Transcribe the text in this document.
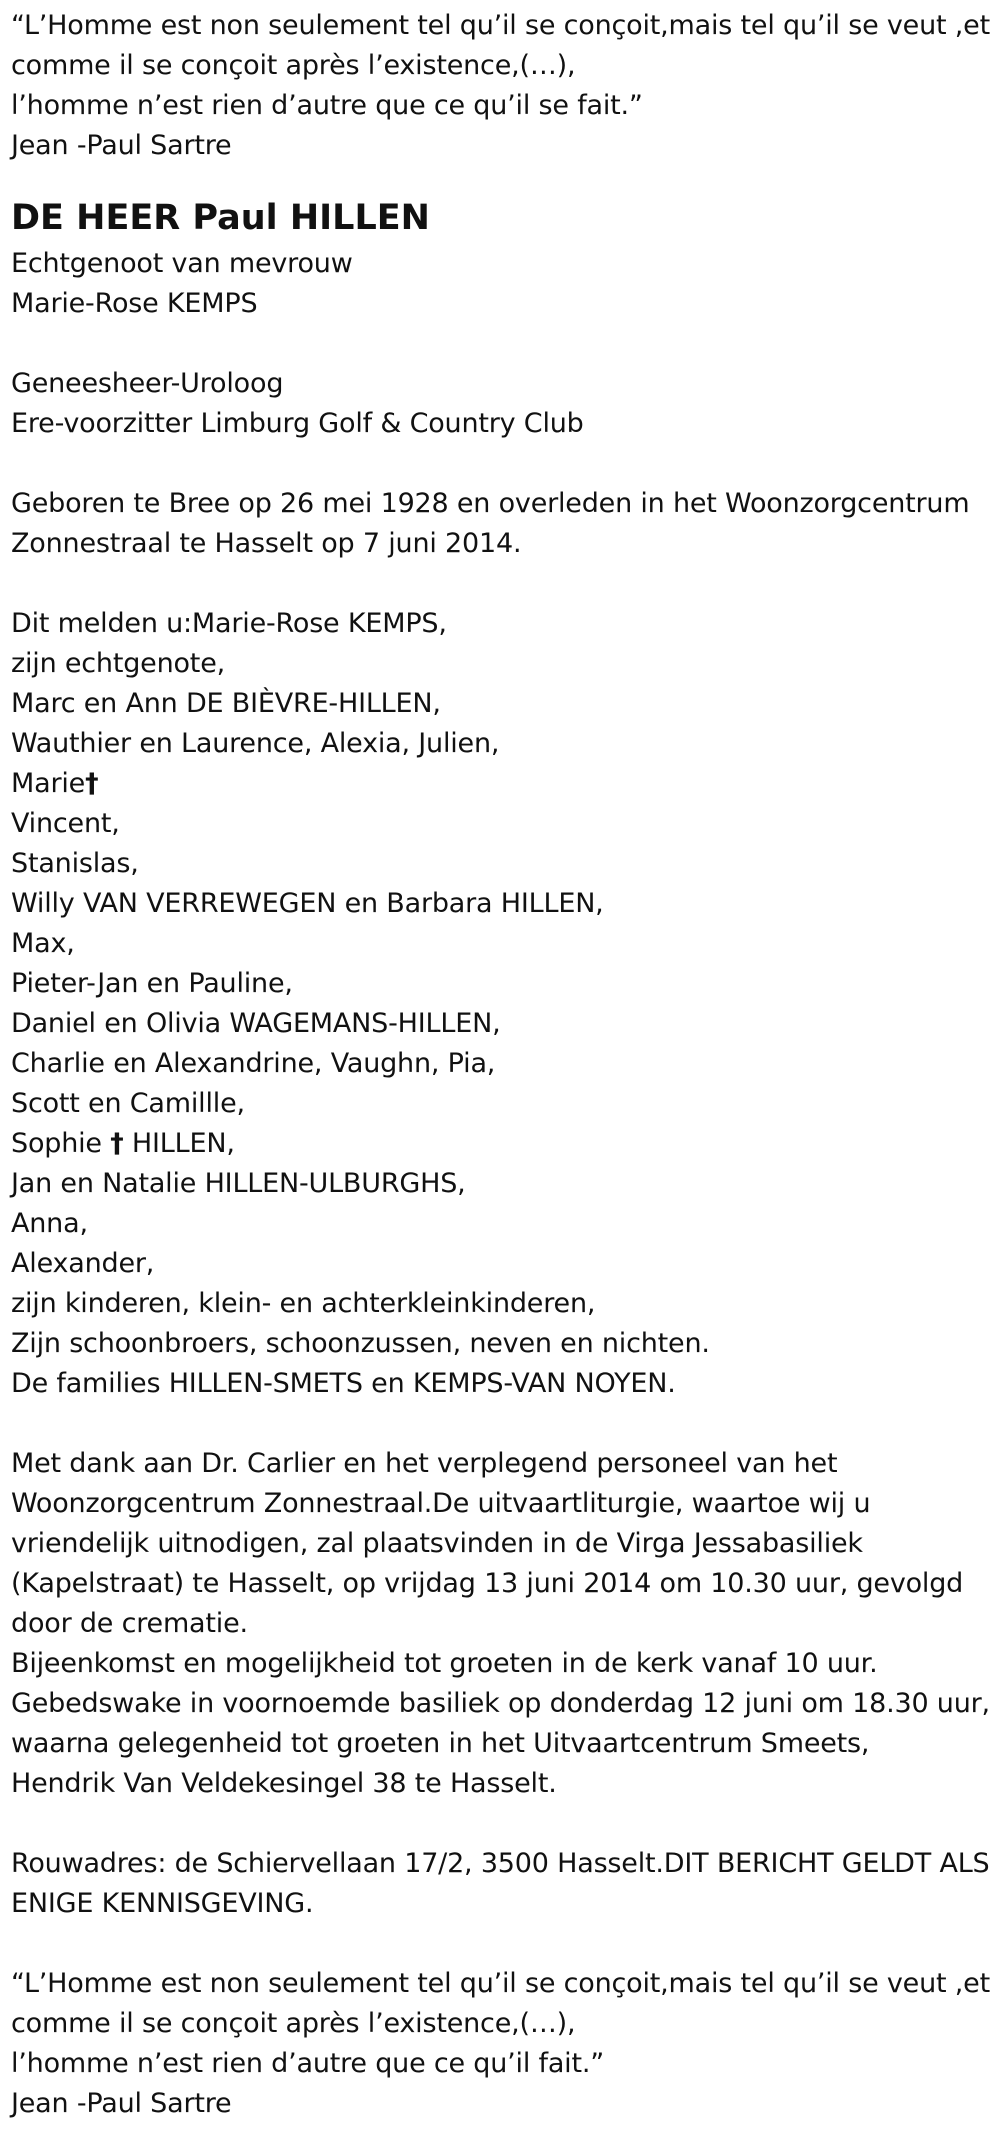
“L’Homme est non seulement tel qu’il se conçoit,mais tel qu’il se veut ,et
comme il se conçoit après l’existence,(…),
l’homme n’est rien d’autre que ce qu’il se fait.”
Jean -Paul Sartre
DE HEER Paul HILLEN
Echtgenoot van mevrouw
Marie-Rose KEMPS
Geneesheer-Uroloog
Ere-voorzitter Limburg Golf & Country Club
Geboren te Bree op 26 mei 1928 en overleden in het Woonzorgcentrum
Zonnestraal te Hasselt op 7 juni 2014.
Dit melden u:Marie-Rose KEMPS,
zijn echtgenote,
Marc en Ann DE BIÈVRE-HILLEN,
Wauthier en Laurence, Alexia, Julien,
Marie†
Vincent,
Stanislas,
Willy VAN VERREWEGEN en Barbara HILLEN,
Max,
Pieter-Jan en Pauline,
Daniel en Olivia WAGEMANS-HILLEN,
Charlie en Alexandrine, Vaughn, Pia,
Scott en Camillle,
Sophie † HILLEN,
Jan en Natalie HILLEN-ULBURGHS,
Anna,
Alexander,
zijn kinderen, klein- en achterkleinkinderen,
Zijn schoonbroers, schoonzussen, neven en nichten.
De families HILLEN-SMETS en KEMPS-VAN NOYEN.
Met dank aan Dr. Carlier en het verplegend personeel van het
Woonzorgcentrum Zonnestraal.De uitvaartliturgie, waartoe wij u
vriendelijk uitnodigen, zal plaatsvinden in de Virga Jessabasiliek
(Kapelstraat) te Hasselt, op vrijdag 13 juni 2014 om 10.30 uur, gevolgd
door de crematie.
Bijeenkomst en mogelijkheid tot groeten in de kerk vanaf 10 uur.
Gebedswake in voornoemde basiliek op donderdag 12 juni om 18.30 uur,
waarna gelegenheid tot groeten in het Uitvaartcentrum Smeets,
Hendrik Van Veldekesingel 38 te Hasselt.
Rouwadres: de Schiervellaan 17/2, 3500 Hasselt.DIT BERICHT GELDT ALS
ENIGE KENNISGEVING.
“L’Homme est non seulement tel qu’il se conçoit,mais tel qu’il se veut ,et
comme il se conçoit après l’existence,(…),
l’homme n’est rien d’autre que ce qu’il fait.”
Jean -Paul Sartre
